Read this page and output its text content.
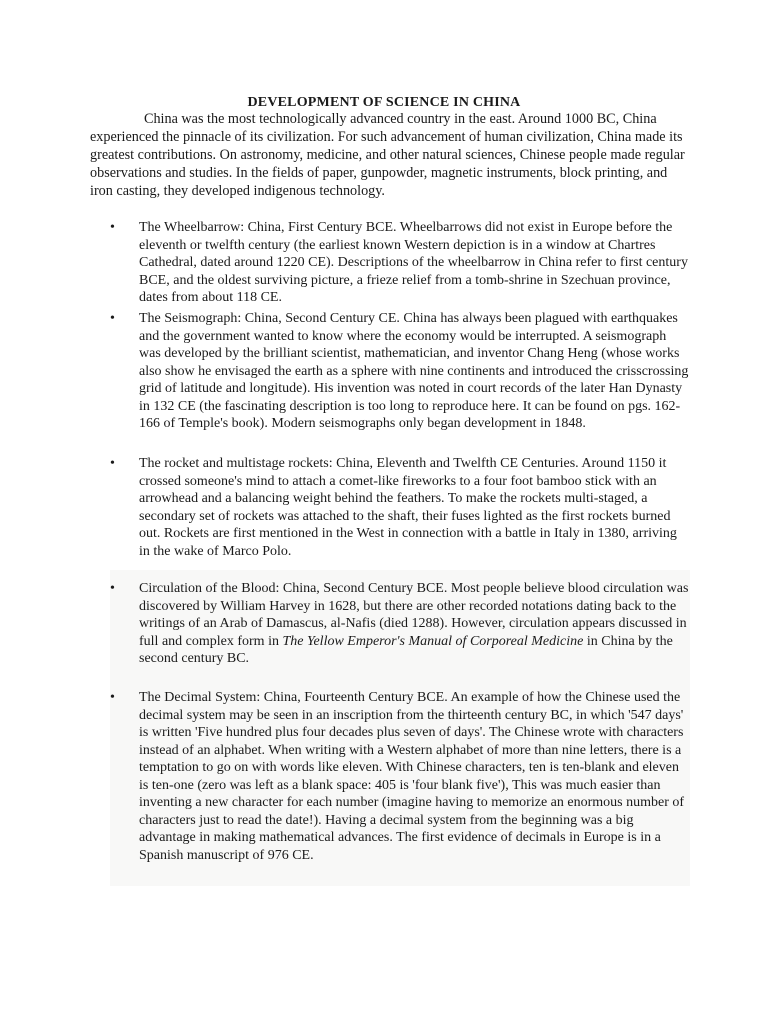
DEVELOPMENT OF SCIENCE IN CHINA
China was the most technologically advanced country in the east. Around 1000 BC, China experienced the pinnacle of its civilization. For such advancement of human civilization, China made its greatest contributions. On astronomy, medicine, and other natural sciences, Chinese people made regular observations and studies. In the fields of paper, gunpowder, magnetic instruments, block printing, and iron casting, they developed indigenous technology.
• The Wheelbarrow: China, First Century BCE. Wheelbarrows did not exist in Europe before the eleventh or twelfth century (the earliest known Western depiction is in a window at Chartres Cathedral, dated around 1220 CE). Descriptions of the wheelbarrow in China refer to first century BCE, and the oldest surviving picture, a frieze relief from a tomb-shrine in Szechuan province, dates from about 118 CE.
• The Seismograph: China, Second Century CE. China has always been plagued with earthquakes and the government wanted to know where the economy would be interrupted. A seismograph was developed by the brilliant scientist, mathematician, and inventor Chang Heng (whose works also show he envisaged the earth as a sphere with nine continents and introduced the crisscrossing grid of latitude and longitude). His invention was noted in court records of the later Han Dynasty in 132 CE (the fascinating description is too long to reproduce here. It can be found on pgs. 162-166 of Temple's book). Modern seismographs only began development in 1848.
• The rocket and multistage rockets: China, Eleventh and Twelfth CE Centuries. Around 1150 it crossed someone's mind to attach a comet-like fireworks to a four foot bamboo stick with an arrowhead and a balancing weight behind the feathers. To make the rockets multi-staged, a secondary set of rockets was attached to the shaft, their fuses lighted as the first rockets burned out. Rockets are first mentioned in the West in connection with a battle in Italy in 1380, arriving in the wake of Marco Polo.
• Circulation of the Blood: China, Second Century BCE. Most people believe blood circulation was discovered by William Harvey in 1628, but there are other recorded notations dating back to the writings of an Arab of Damascus, al-Nafis (died 1288). However, circulation appears discussed in full and complex form in The Yellow Emperor's Manual of Corporeal Medicine in China by the second century BC.
• The Decimal System: China, Fourteenth Century BCE. An example of how the Chinese used the decimal system may be seen in an inscription from the thirteenth century BC, in which '547 days' is written 'Five hundred plus four decades plus seven of days'. The Chinese wrote with characters instead of an alphabet. When writing with a Western alphabet of more than nine letters, there is a temptation to go on with words like eleven. With Chinese characters, ten is ten-blank and eleven is ten-one (zero was left as a blank space: 405 is 'four blank five'), This was much easier than inventing a new character for each number (imagine having to memorize an enormous number of characters just to read the date!). Having a decimal system from the beginning was a big advantage in making mathematical advances. The first evidence of decimals in Europe is in a Spanish manuscript of 976 CE.
